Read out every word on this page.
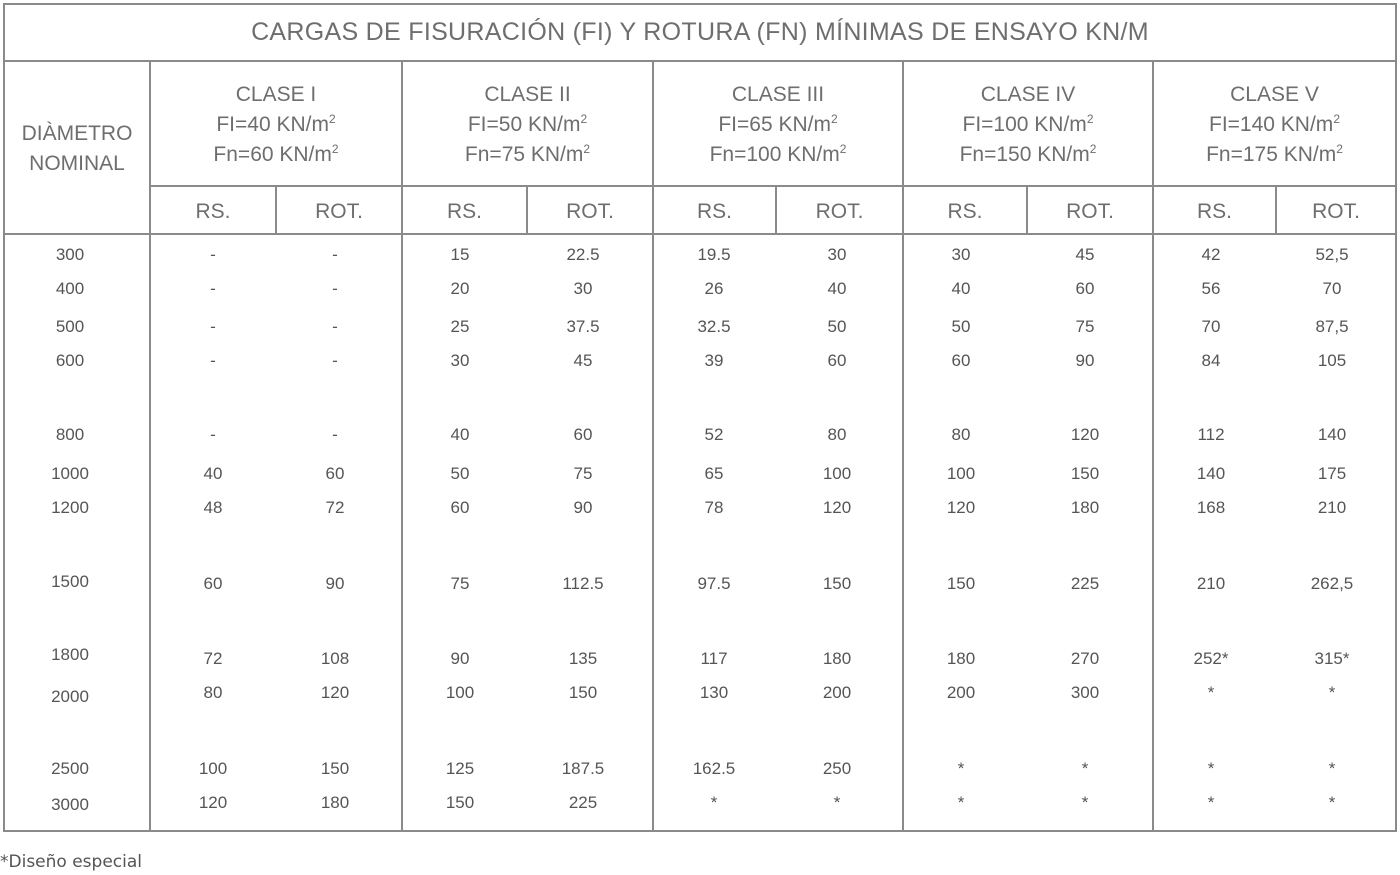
CARGAS DE FISURACIÓN (FI) Y ROTURA (FN) MÍNIMAS DE ENSAYO KN/M
DIÀMETRO
NOMINAL
CLASE I
FI=40 $KN/m^2$
Fn=60 $KN/m^2$
CLASE II
FI=50 $KN/m^2$
Fn=75 $KN/m^2$
CLASE III
FI=65 $KN/m^2$
Fn=100 $KN/m^2$
CLASE IV
FI=100 $KN/m^2$
Fn=150 $KN/m^2$
CLASE V
FI=140 $KN/m^2$
Fn=175 $KN/m^2$
RS.	ROT.	RS.	ROT.	RS.	ROT.	RS.	ROT.	RS.	ROT.
300	-	-	15	22.5	19.5	30	30	45	42	52,5
400	-	-	20	30	26	40	40	60	56	70
500	-	-	25	37.5	32.5	50	50	75	70	87,5
600	-	-	30	45	39	60	60	90	84	105
800	-	-	40	60	52	80	80	120	112	140
1000	40	60	50	75	65	100	100	150	140	175
1200	48	72	60	90	78	120	120	180	168	210
1500	60	90	75	112.5	97.5	150	150	225	210	262,5
1800	72	108	90	135	117	180	180	270	252*	315*
2000	80	120	100	150	130	200	200	300	*	*
2500	100	150	125	187.5	162.5	250	*	*	*	*
3000	120	180	150	225	*	*	*	*	*	*
*Diseño especial
